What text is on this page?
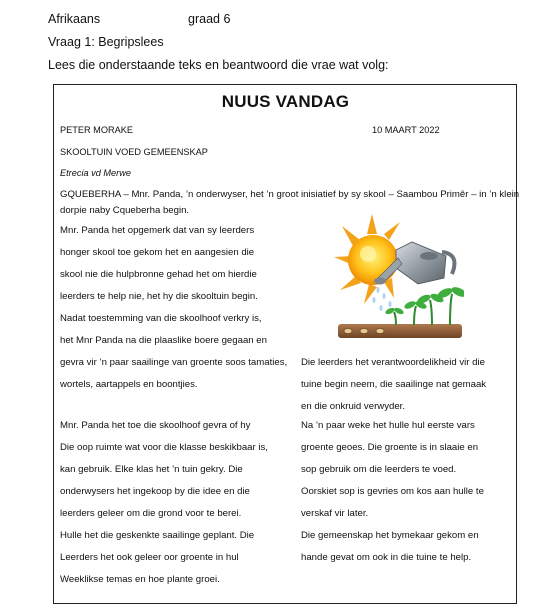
Afrikaans	graad 6
Vraag 1: Begripslees
Lees die onderstaande teks en beantwoord die vrae wat volg:
NUUS VANDAG
PETER MORAKE	10 MAART 2022
SKOOLTUIN VOED GEMEENSKAP
Etrecia vd Merwe
GQUEBERHA – Mnr. Panda, ’n onderwyser, het ’n groot inisiatief by sy skool – Saambou Primêr – in ’n klein
dorpie naby Cqueberha begin.
Mnr. Panda het opgemerk dat van sy leerders
honger skool toe gekom het en aangesien die
skool nie die hulpbronne gehad het om hierdie
leerders te help nie, het hy die skooltuin begin.
Nadat toestemming van die skoolhoof verkry is,
het Mnr Panda na die plaaslike boere gegaan en
gevra vir ’n paar saailinge van groente soos tamaties,
wortels, aartappels en boontjies.
Mnr. Panda het toe die skoolhoof gevra of hy
Die oop ruimte wat voor die klasse beskikbaar is,
kan gebruik. Elke klas het ’n tuin gekry. Die
onderwysers het ingekoop by die idee en die
leerders geleer om die grond voor te berei.
Hulle het die geskenkte saailinge geplant. Die
Leerders het ook geleer oor groente in hul
Weeklikse temas en hoe plante groei.
Die leerders het verantwoordelikheid vir die
tuine begin neem, die saailinge nat gemaak
en die onkruid verwyder.
Na ’n paar weke het hulle hul eerste vars
groente geoes. Die groente is in slaaie en
sop gebruik om die leerders te voed.
Oorskiet sop is gevries om kos aan hulle te
verskaf vir later.
Die gemeenskap het bymekaar gekom en
hande gevat om ook in die tuine te help.
